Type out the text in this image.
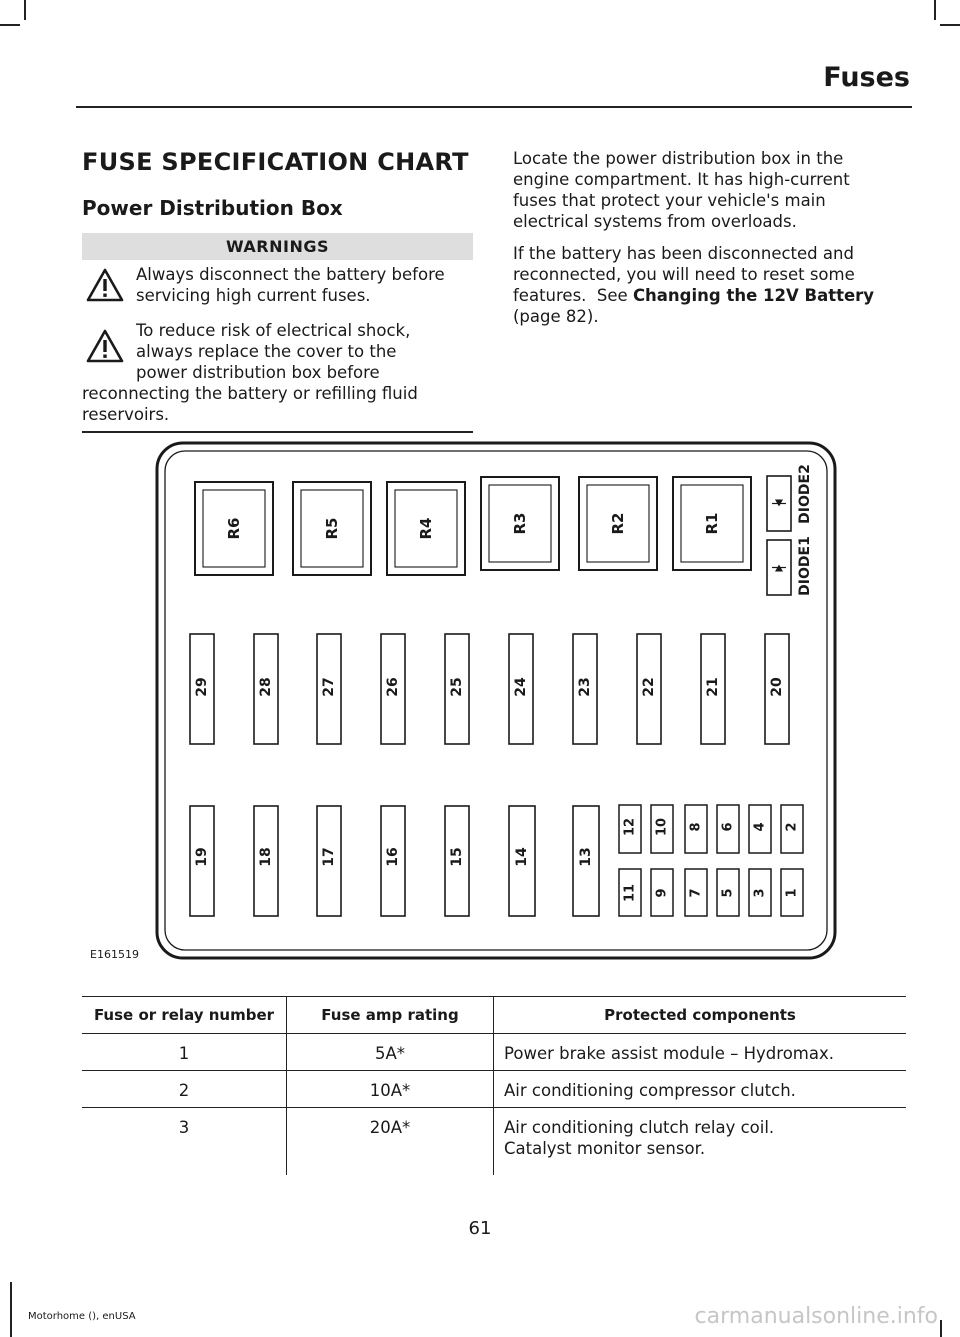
Fuses
FUSE SPECIFICATION CHART
Power Distribution Box
WARNINGS
Always disconnect the battery before
servicing high current fuses.
To reduce risk of electrical shock,
always replace the cover to the
power distribution box before
reconnecting the battery or refilling fluid
reservoirs.
Locate the power distribution box in the
engine compartment. It has high-current
fuses that protect your vehicle's main
electrical systems from overloads.
If the battery has been disconnected and
reconnected, you will need to reset some
features.  See Changing the 12V Battery
(page 82).
R6	R5	R4	R3	R2	R1
DIODE1
DIODE2
29	28	27	26	25	24	23	22	21	20
19	18	17	16	15	14	13
12 10 8 6 4 2
11 9 7 5 3 1
E161519
Fuse or relay number	Fuse amp rating	Protected components
1	5A*	Power brake assist module – Hydromax.

2	10A*	Air conditioning compressor clutch.

3	20A*	Air conditioning clutch relay coil.
Catalyst monitor sensor.
61
Motorhome (), enUSA	carmanualsonline.info
